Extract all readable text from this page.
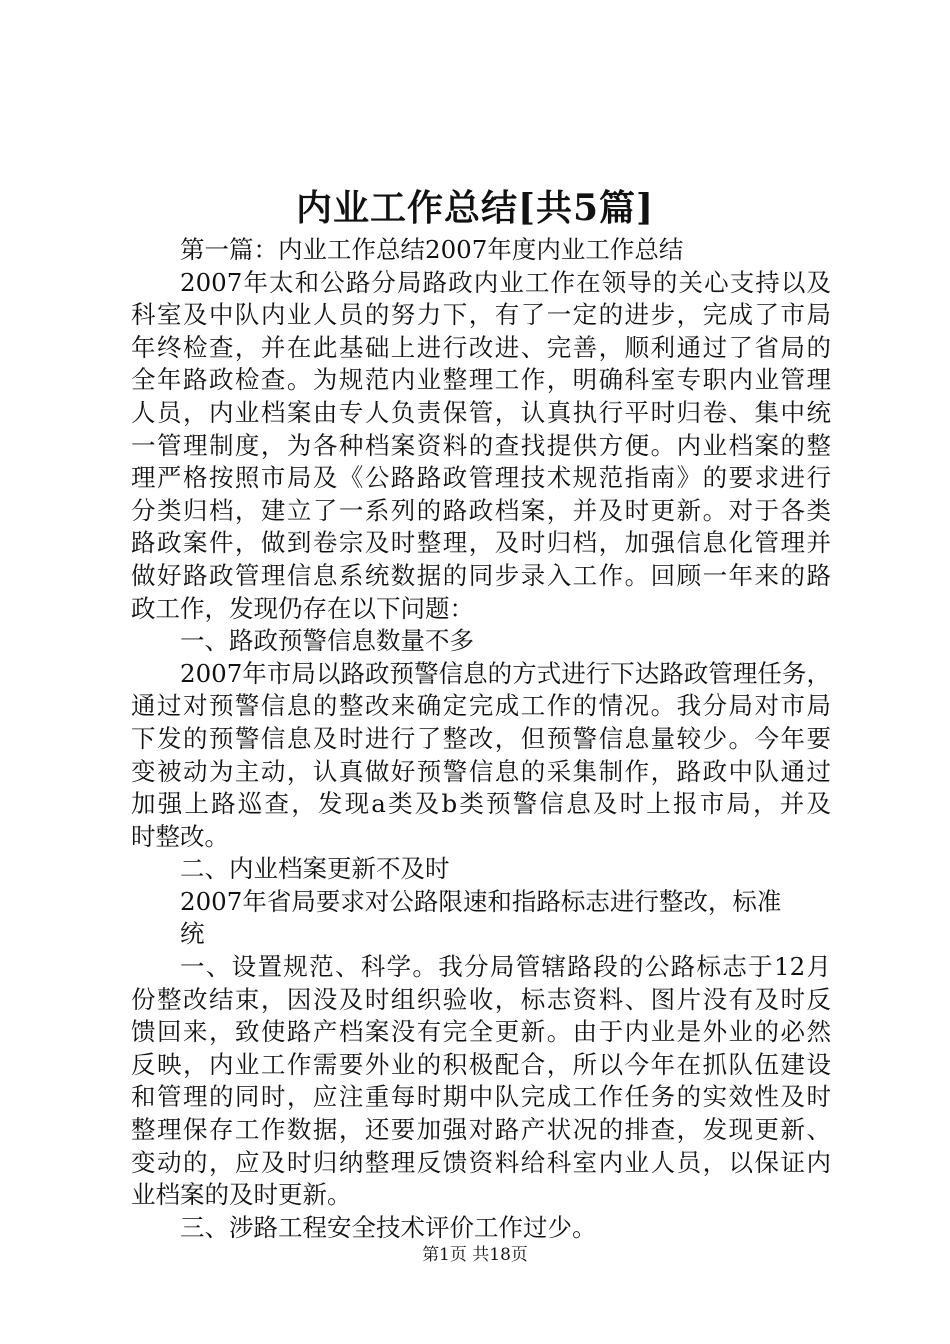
内业工作总结[共5篇]
第一篇：内业工作总结2007年度内业工作总结
2007年太和公路分局路政内业工作在领导的关心支持以及
科室及中队内业人员的努力下，有了一定的进步，完成了市局
年终检查，并在此基础上进行改进、完善，顺利通过了省局的
全年路政检查。为规范内业整理工作，明确科室专职内业管理
人员，内业档案由专人负责保管，认真执行平时归卷、集中统
一管理制度，为各种档案资料的查找提供方便。内业档案的整
理严格按照市局及《公路路政管理技术规范指南》的要求进行
分类归档，建立了一系列的路政档案，并及时更新。对于各类
路政案件，做到卷宗及时整理，及时归档，加强信息化管理并
做好路政管理信息系统数据的同步录入工作。回顾一年来的路
政工作，发现仍存在以下问题：
一、路政预警信息数量不多
2007年市局以路政预警信息的方式进行下达路政管理任务，
通过对预警信息的整改来确定完成工作的情况。我分局对市局
下发的预警信息及时进行了整改，但预警信息量较少。今年要
变被动为主动，认真做好预警信息的采集制作，路政中队通过
加强上路巡查，发现a类及b类预警信息及时上报市局，并及
时整改。
二、内业档案更新不及时
2007年省局要求对公路限速和指路标志进行整改，标准
统
一、设置规范、科学。我分局管辖路段的公路标志于12月
份整改结束，因没及时组织验收，标志资料、图片没有及时反
馈回来，致使路产档案没有完全更新。由于内业是外业的必然
反映，内业工作需要外业的积极配合，所以今年在抓队伍建设
和管理的同时，应注重每时期中队完成工作任务的实效性及时
整理保存工作数据，还要加强对路产状况的排查，发现更新、
变动的，应及时归纳整理反馈资料给科室内业人员，以保证内
业档案的及时更新。
三、涉路工程安全技术评价工作过少。
第1页 共18页
